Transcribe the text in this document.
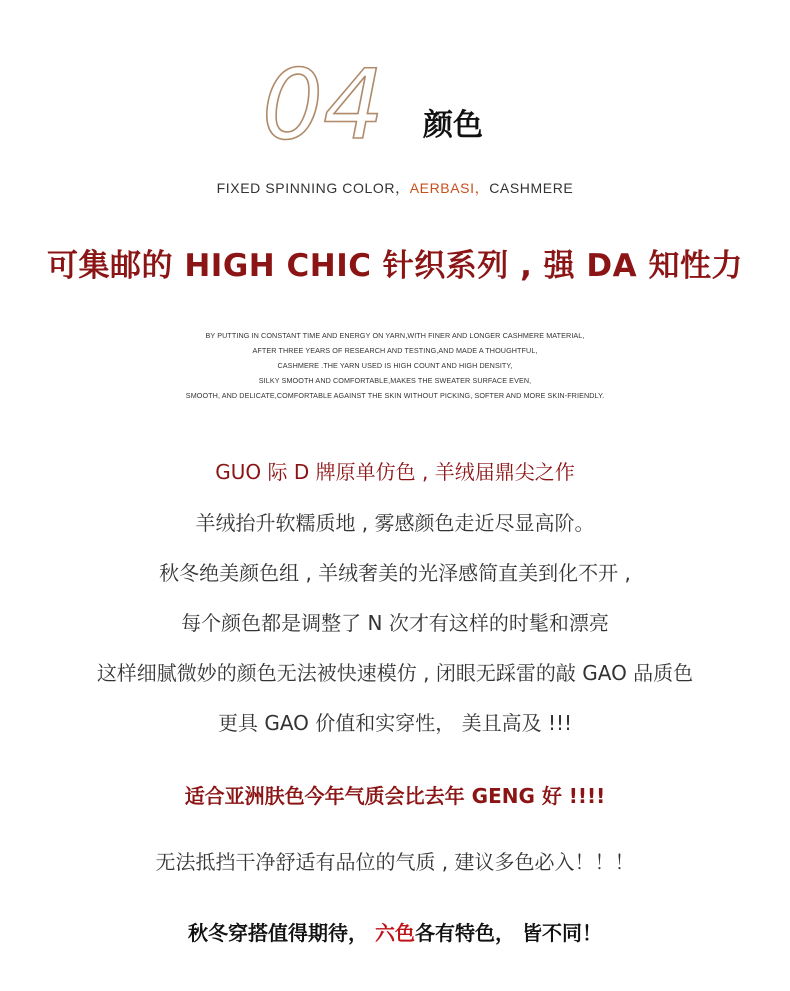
04 颜色
FIXED SPINNING COLOR，AERBASI，CASHMERE
可集邮的 HIGH CHIC 针织系列 , 强 DA 知性力
BY PUTTING IN CONSTANT TIME AND ENERGY ON YARN,WITH FINER AND LONGER CASHMERE MATERIAL,
AFTER THREE YEARS OF RESEARCH AND TESTING,AND MADE A THOUGHTFUL,
CASHMERE .THE YARN USED IS HIGH COUNT AND HIGH DENSITY,
SILKY SMOOTH AND COMFORTABLE,MAKES THE SWEATER SURFACE EVEN,
SMOOTH, AND DELICATE,COMFORTABLE AGAINST THE SKIN WITHOUT PICKING, SOFTER AND MORE SKIN-FRIENDLY.
GUO 际 D 牌原单仿色 , 羊绒届鼎尖之作
羊绒抬升软糯质地 , 雾感颜色走近尽显高阶。
秋冬绝美颜色组 , 羊绒奢美的光泽感简直美到化不开 ,
每个颜色都是调整了 N 次才有这样的时髦和漂亮
这样细腻微妙的颜色无法被快速模仿 , 闭眼无踩雷的敲 GAO 品质色
更具 GAO 价值和实穿性， 美且高及 !!!
适合亚洲肤色今年气质会比去年 GENG 好 !!!!
无法抵挡干净舒适有品位的气质 , 建议多色必入！！！
秋冬穿搭值得期待， 六色各有特色， 皆不同！
